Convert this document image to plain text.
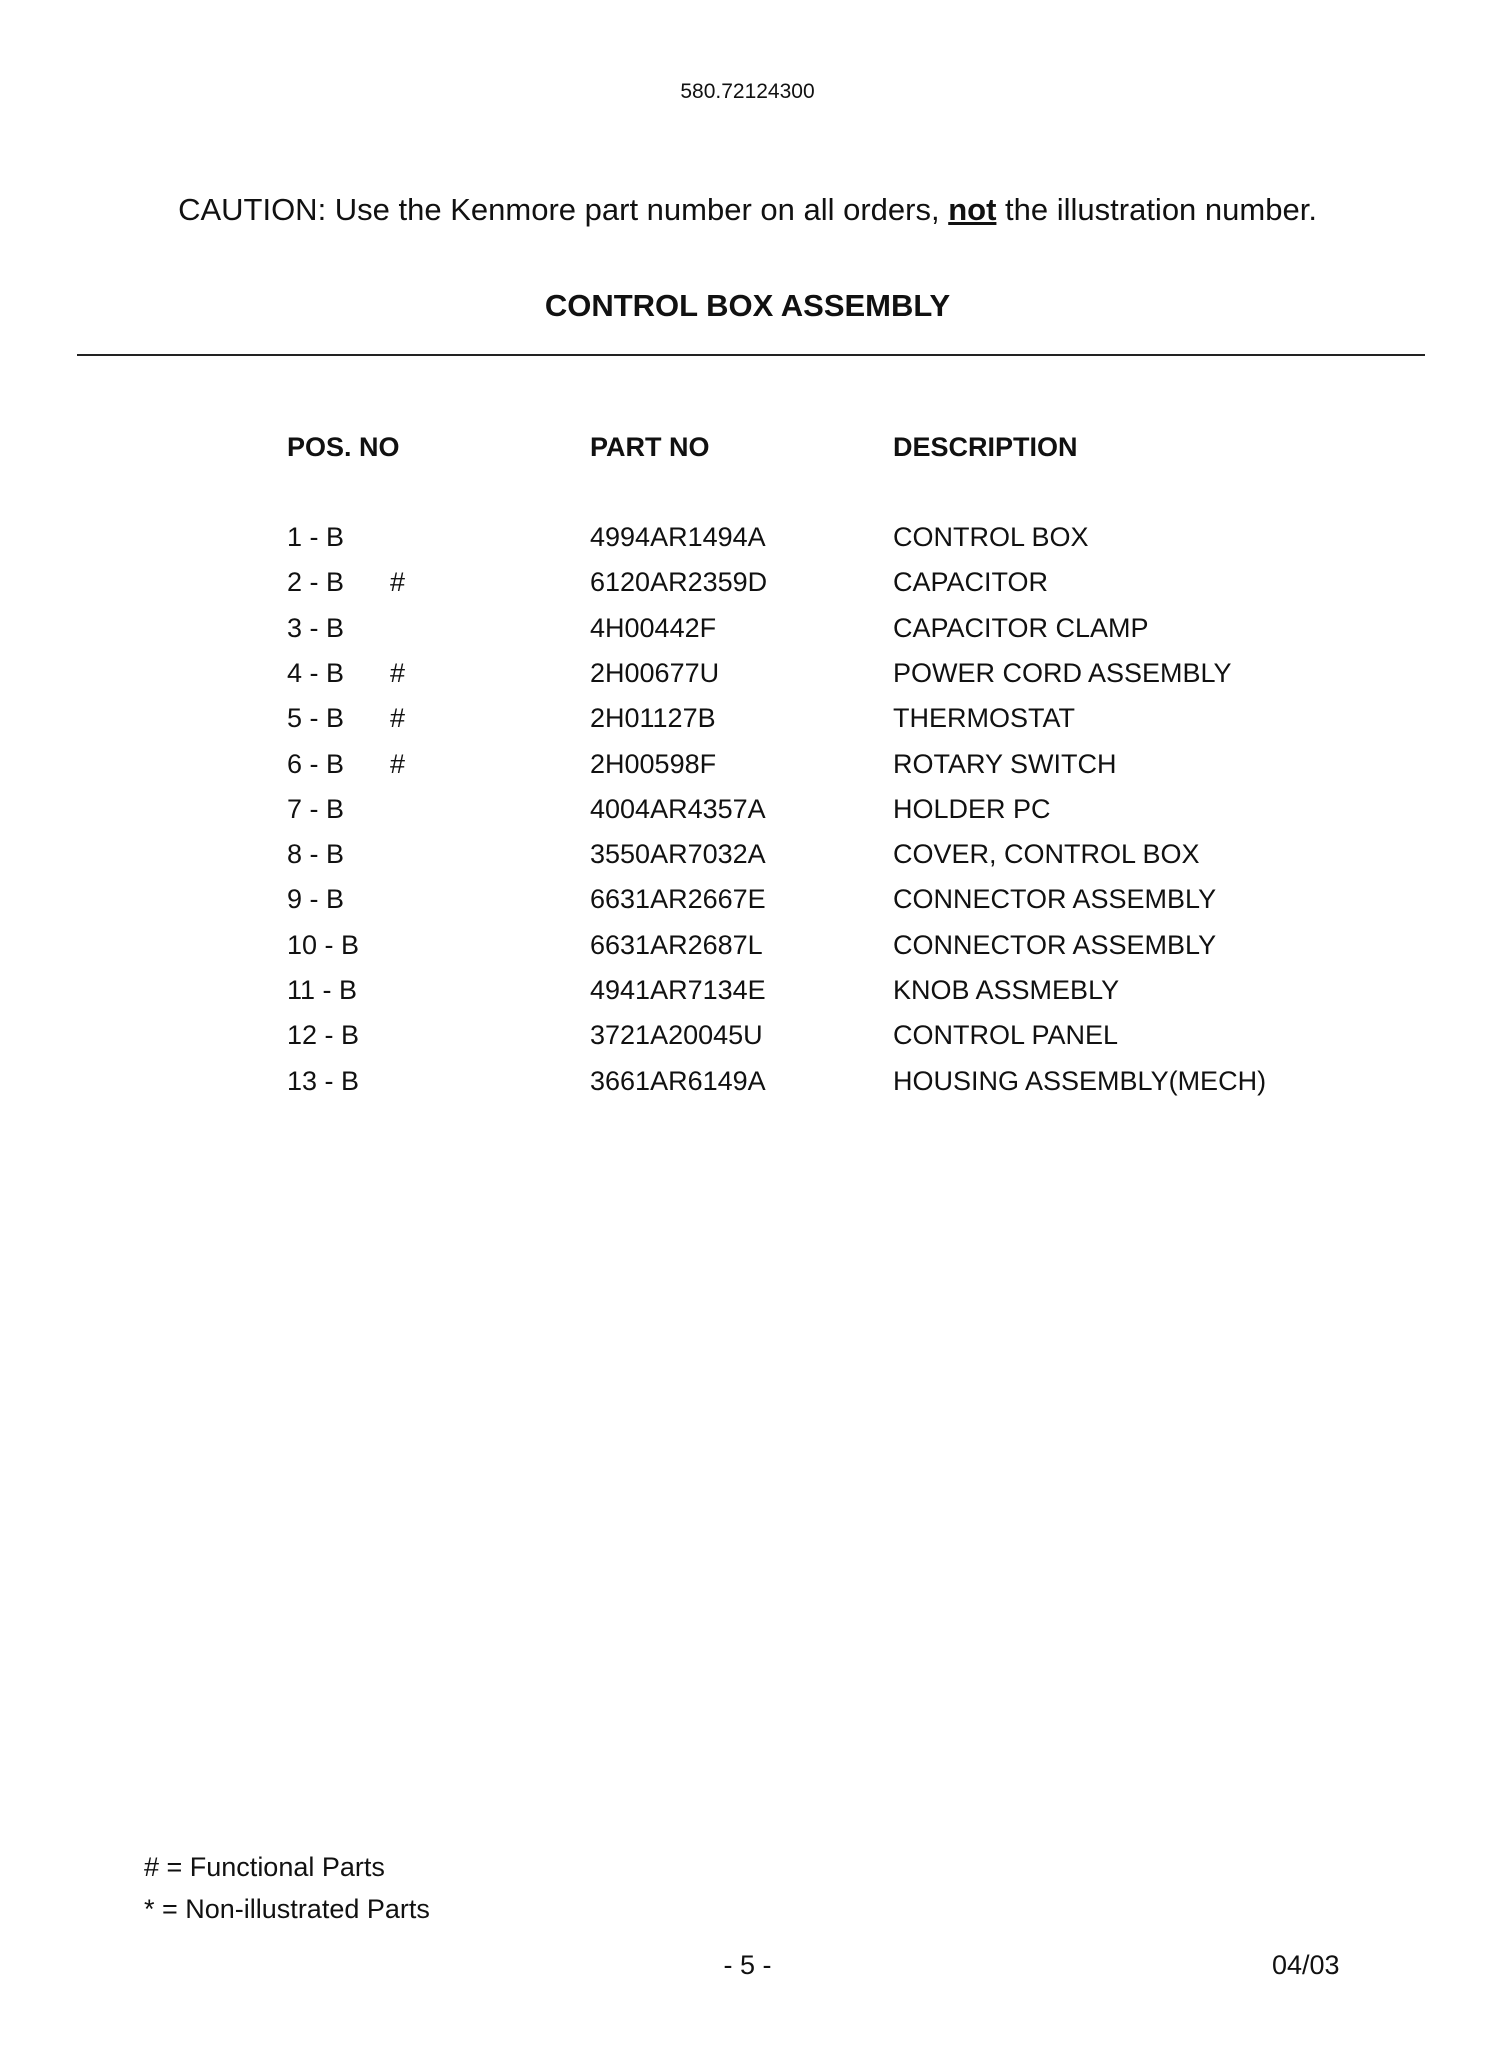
580.72124300
CAUTION: Use the Kenmore part number on all orders, not the illustration number.
CONTROL BOX ASSEMBLY
POS. NO	PART NO	DESCRIPTION
1 - B	4994AR1494A	CONTROL BOX
2 - B #	6120AR2359D	CAPACITOR
3 - B	4H00442F	CAPACITOR CLAMP
4 - B #	2H00677U	POWER CORD ASSEMBLY
5 - B #	2H01127B	THERMOSTAT
6 - B #	2H00598F	ROTARY SWITCH
7 - B	4004AR4357A	HOLDER PC
8 - B	3550AR7032A	COVER, CONTROL BOX
9 - B	6631AR2667E	CONNECTOR ASSEMBLY
10 - B	6631AR2687L	CONNECTOR ASSEMBLY
11 - B	4941AR7134E	KNOB ASSMEBLY
12 - B	3721A20045U	CONTROL PANEL
13 - B	3661AR6149A	HOUSING ASSEMBLY(MECH)
# = Functional Parts
* = Non-illustrated Parts
- 5 -	04/03
